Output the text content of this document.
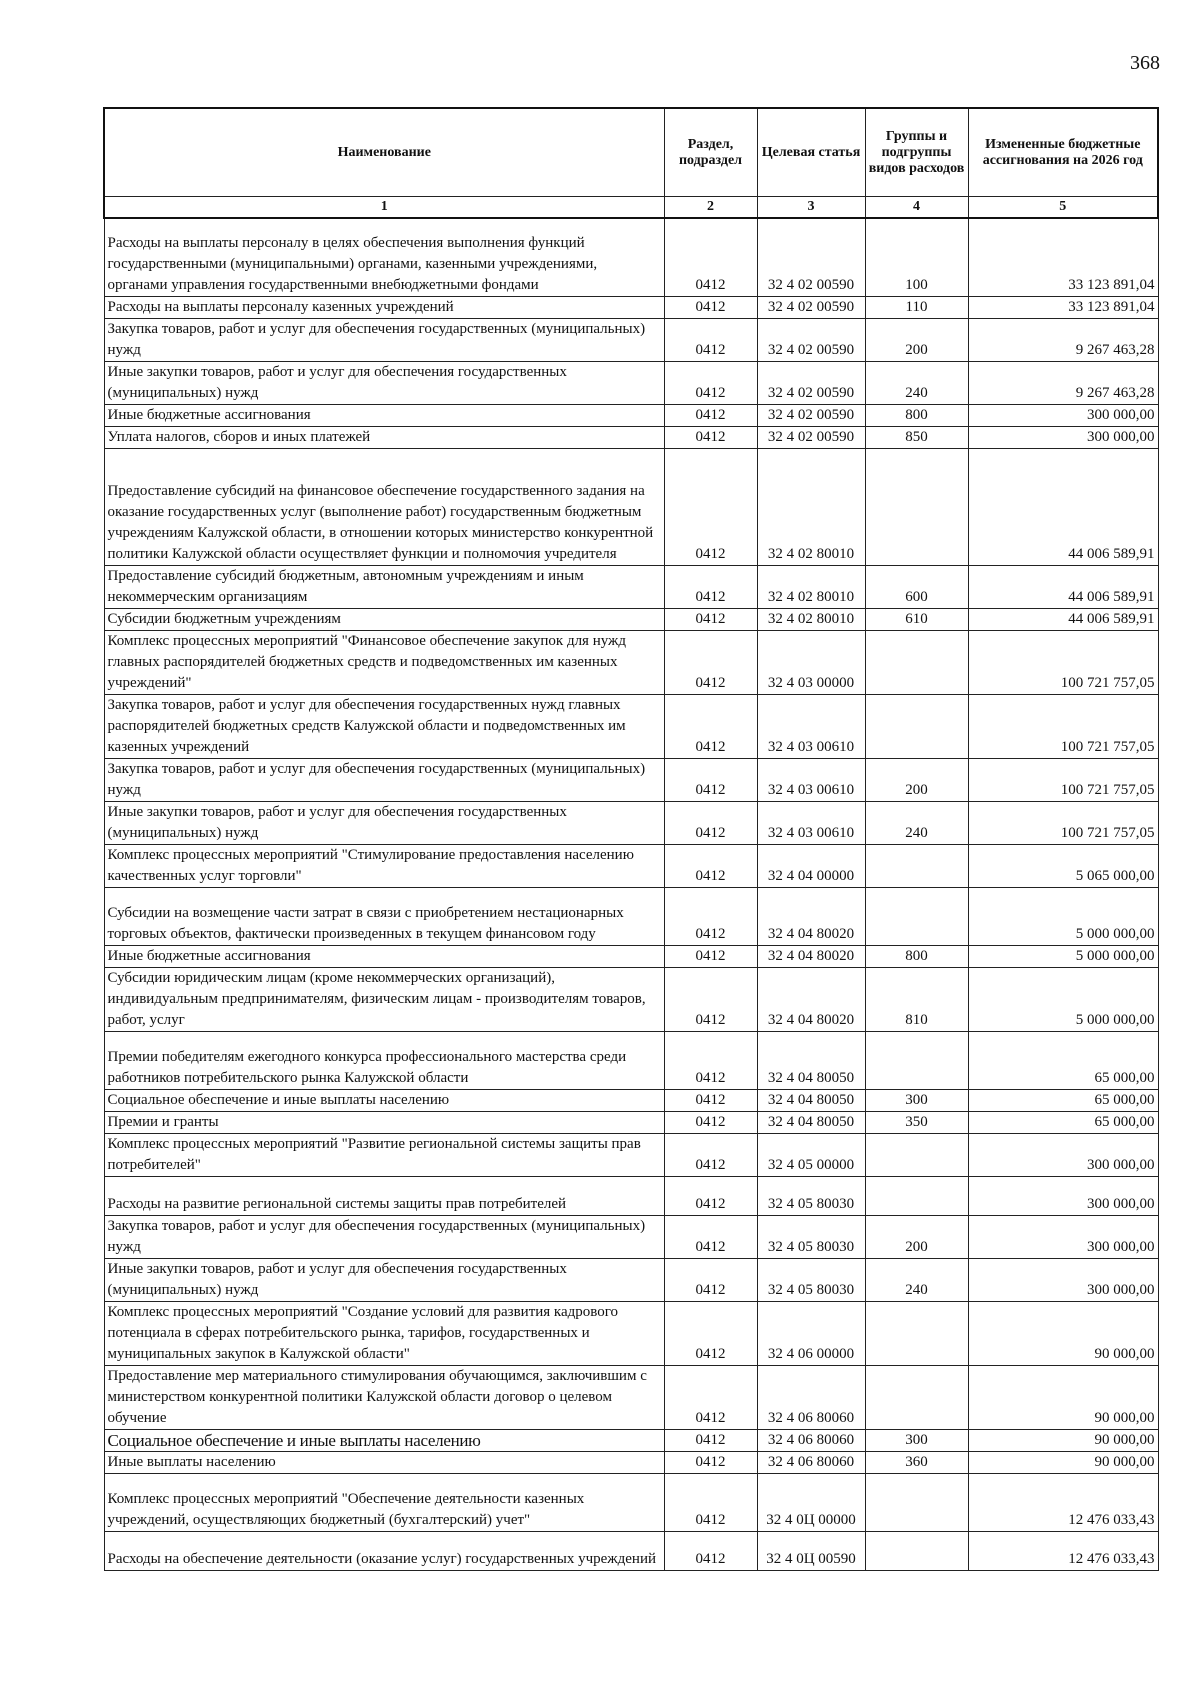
368
Наименование	Раздел, подраздел	Целевая статья	Группы и подгруппы видов расходов	Измененные бюджетные ассигнования на 2026 год
1	2	3	4	5
Расходы на выплаты персоналу в целях обеспечения выполнения функций государственными (муниципальными) органами, казенными учреждениями, органами управления государственными внебюджетными фондами	0412	32 4 02 00590	100	33 123 891,04
Расходы на выплаты персоналу казенных учреждений	0412	32 4 02 00590	110	33 123 891,04
Закупка товаров, работ и услуг для обеспечения государственных (муниципальных) нужд	0412	32 4 02 00590	200	9 267 463,28
Иные закупки товаров, работ и услуг для обеспечения государственных (муниципальных) нужд	0412	32 4 02 00590	240	9 267 463,28
Иные бюджетные ассигнования	0412	32 4 02 00590	800	300 000,00
Уплата налогов, сборов и иных платежей	0412	32 4 02 00590	850	300 000,00
Предоставление субсидий на финансовое обеспечение государственного задания на оказание государственных услуг (выполнение работ) государственным бюджетным учреждениям Калужской области, в отношении которых министерство конкурентной политики Калужской области осуществляет функции и полномочия учредителя	0412	32 4 02 80010		44 006 589,91
Предоставление субсидий бюджетным, автономным учреждениям и иным некоммерческим организациям	0412	32 4 02 80010	600	44 006 589,91
Субсидии бюджетным учреждениям	0412	32 4 02 80010	610	44 006 589,91
Комплекс процессных мероприятий "Финансовое обеспечение закупок для нужд главных распорядителей бюджетных средств и подведомственных им казенных учреждений"	0412	32 4 03 00000		100 721 757,05
Закупка товаров, работ и услуг для обеспечения государственных нужд главных распорядителей бюджетных средств Калужской области и подведомственных им казенных учреждений	0412	32 4 03 00610		100 721 757,05
Закупка товаров, работ и услуг для обеспечения государственных (муниципальных) нужд	0412	32 4 03 00610	200	100 721 757,05
Иные закупки товаров, работ и услуг для обеспечения государственных (муниципальных) нужд	0412	32 4 03 00610	240	100 721 757,05
Комплекс процессных мероприятий "Стимулирование предоставления населению качественных услуг торговли"	0412	32 4 04 00000		5 065 000,00
Субсидии на возмещение части затрат в связи с приобретением нестационарных торговых объектов, фактически произведенных в текущем финансовом году	0412	32 4 04 80020		5 000 000,00
Иные бюджетные ассигнования	0412	32 4 04 80020	800	5 000 000,00
Субсидии юридическим лицам (кроме некоммерческих организаций), индивидуальным предпринимателям, физическим лицам - производителям товаров, работ, услуг	0412	32 4 04 80020	810	5 000 000,00
Премии победителям ежегодного конкурса профессионального мастерства среди работников потребительского рынка Калужской области	0412	32 4 04 80050		65 000,00
Социальное обеспечение и иные выплаты населению	0412	32 4 04 80050	300	65 000,00
Премии и гранты	0412	32 4 04 80050	350	65 000,00
Комплекс процессных мероприятий "Развитие региональной системы защиты прав потребителей"	0412	32 4 05 00000		300 000,00
Расходы на развитие региональной системы защиты прав потребителей	0412	32 4 05 80030		300 000,00
Закупка товаров, работ и услуг для обеспечения государственных (муниципальных) нужд	0412	32 4 05 80030	200	300 000,00
Иные закупки товаров, работ и услуг для обеспечения государственных (муниципальных) нужд	0412	32 4 05 80030	240	300 000,00
Комплекс процессных мероприятий "Создание условий для развития кадрового потенциала в сферах потребительского рынка, тарифов, государственных и муниципальных закупок в Калужской области"	0412	32 4 06 00000		90 000,00
Предоставление мер материального стимулирования обучающимся, заключившим с министерством конкурентной политики Калужской области договор о целевом обучение	0412	32 4 06 80060		90 000,00
Социальное обеспечение и иные выплаты населению	0412	32 4 06 80060	300	90 000,00
Иные выплаты населению	0412	32 4 06 80060	360	90 000,00
Комплекс процессных мероприятий "Обеспечение деятельности казенных учреждений, осуществляющих бюджетный (бухгалтерский) учет"	0412	32 4 0Ц 00000		12 476 033,43
Расходы на обеспечение деятельности (оказание услуг) государственных учреждений	0412	32 4 0Ц 00590		12 476 033,43
